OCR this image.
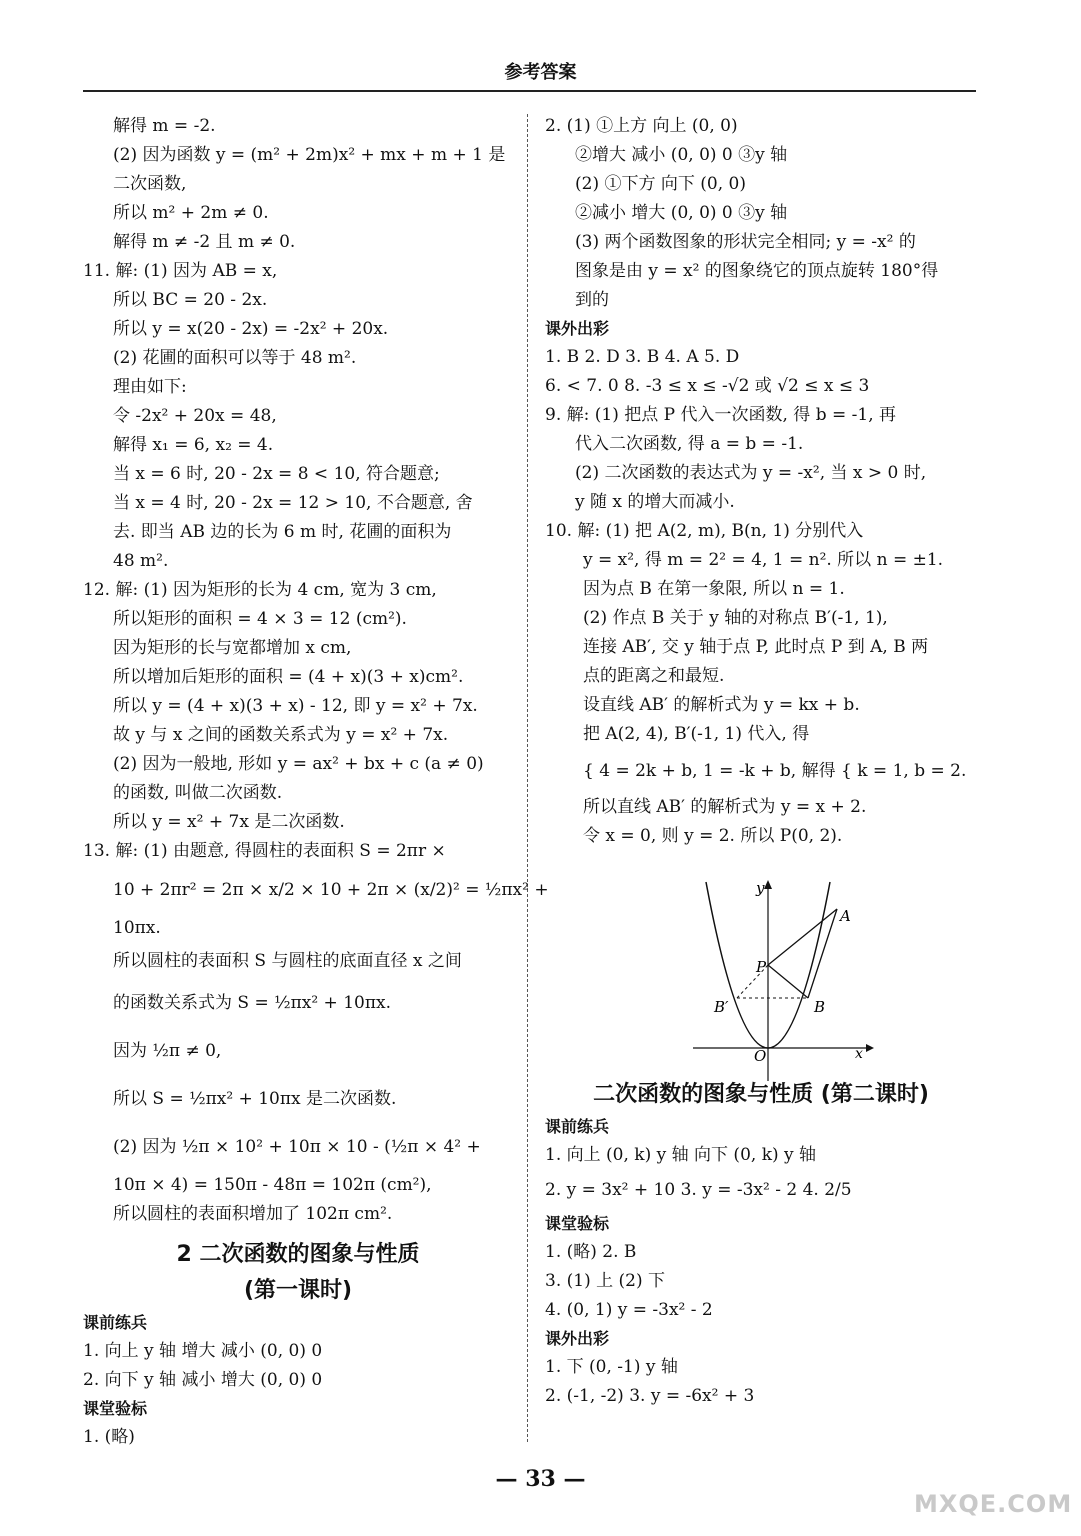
参考答案
解得 m = -2.
(2) 因为函数 y = (m² + 2m)x² + mx + m + 1 是
二次函数,
所以 m² + 2m ≠ 0.
解得 m ≠ -2 且 m ≠ 0.
11. 解: (1) 因为 AB = x,
所以 BC = 20 - 2x.
所以 y = x(20 - 2x) = -2x² + 20x.
(2) 花圃的面积可以等于 48 m².
理由如下:
令 -2x² + 20x = 48,
解得 x₁ = 6, x₂ = 4.
当 x = 6 时, 20 - 2x = 8 < 10, 符合题意;
当 x = 4 时, 20 - 2x = 12 > 10, 不合题意, 舍
去. 即当 AB 边的长为 6 m 时, 花圃的面积为
48 m².
12. 解: (1) 因为矩形的长为 4 cm, 宽为 3 cm,
所以矩形的面积 = 4 × 3 = 12 (cm²).
因为矩形的长与宽都增加 x cm,
所以增加后矩形的面积 = (4 + x)(3 + x)cm².
所以 y = (4 + x)(3 + x) - 12, 即 y = x² + 7x.
故 y 与 x 之间的函数关系式为 y = x² + 7x.
(2) 因为一般地, 形如 y = ax² + bx + c (a ≠ 0)
的函数, 叫做二次函数.
所以 y = x² + 7x 是二次函数.
13. 解: (1) 由题意, 得圆柱的表面积 S = 2πr ×
10 + 2πr² = 2π × x/2 × 10 + 2π × (x/2)² = ½πx² +
10πx.
所以圆柱的表面积 S 与圆柱的底面直径 x 之间
的函数关系式为 S = ½πx² + 10πx.
因为 ½π ≠ 0,
所以 S = ½πx² + 10πx 是二次函数.
(2) 因为 ½π × 10² + 10π × 10 - (½π × 4² +
10π × 4) = 150π - 48π = 102π (cm²),
所以圆柱的表面积增加了 102π cm².
2 二次函数的图象与性质
(第一课时)
课前练兵
1. 向上 y 轴 增大 减小 (0, 0) 0
2. 向下 y 轴 减小 增大 (0, 0) 0
课堂验标
1. (略)
2. (1) ①上方 向上 (0, 0)
②增大 减小 (0, 0) 0 ③y 轴
(2) ①下方 向下 (0, 0)
②减小 增大 (0, 0) 0 ③y 轴
(3) 两个函数图象的形状完全相同; y = -x² 的
图象是由 y = x² 的图象绕它的顶点旋转 180°得
到的
课外出彩
1. B 2. D 3. B 4. A 5. D
6. < 7. 0 8. -3 ≤ x ≤ -√2 或 √2 ≤ x ≤ 3
9. 解: (1) 把点 P 代入一次函数, 得 b = -1, 再
代入二次函数, 得 a = b = -1.
(2) 二次函数的表达式为 y = -x², 当 x > 0 时,
y 随 x 的增大而减小.
10. 解: (1) 把 A(2, m), B(n, 1) 分别代入
y = x², 得 m = 2² = 4, 1 = n². 所以 n = ±1.
因为点 B 在第一象限, 所以 n = 1.
(2) 作点 B 关于 y 轴的对称点 B′(-1, 1),
连接 AB′, 交 y 轴于点 P, 此时点 P 到 A, B 两
点的距离之和最短.
设直线 AB′ 的解析式为 y = kx + b.
把 A(2, 4), B′(-1, 1) 代入, 得
{ 4 = 2k + b, 1 = -k + b, 解得 { k = 1, b = 2.
所以直线 AB′ 的解析式为 y = x + 2.
令 x = 0, 则 y = 2. 所以 P(0, 2).
二次函数的图象与性质 (第二课时)
课前练兵
1. 向上 (0, k) y 轴 向下 (0, k) y 轴
2. y = 3x² + 10 3. y = -3x² - 2 4. 2/5
课堂验标
1. (略) 2. B
3. (1) 上 (2) 下
4. (0, 1) y = -3x² - 2
课外出彩
1. 下 (0, -1) y 轴
2. (-1, -2) 3. y = -6x² + 3
y
x
O
A
B
P
B′
— 33 —
MXQE.COM
